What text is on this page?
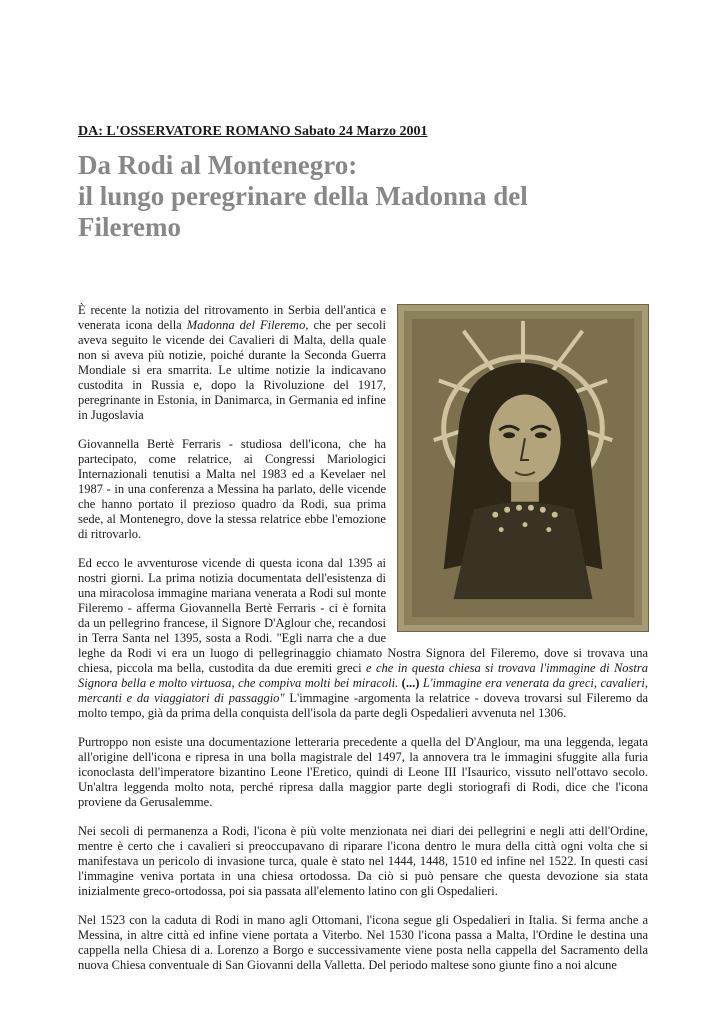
DA: L'OSSERVATORE ROMANO Sabato 24 Marzo 2001
Da Rodi al Montenegro:
il lungo peregrinare della Madonna del
Fileremo

È recente la notizia del ritrovamento in Serbia dell'antica e venerata icona della Madonna del Fileremo, che per secoli aveva seguito le vicende dei Cavalieri di Malta, della quale non si aveva più notizie, poiché durante la Seconda Guerra Mondiale si era smarrita. Le ultime notizie la indicavano custodita in Russia e, dopo la Rivoluzione del 1917, peregrinante in Estonia, in Danimarca, in Germania ed infine in Jugoslavia

Giovannella Bertè Ferraris - studiosa dell'icona, che ha partecipato, come relatrice, ai Congressi Mariologici Internazionali tenutisi a Malta nel 1983 ed a Kevelaer nel 1987 - in una conferenza a Messina ha parlato, delle vicende che hanno portato il prezioso quadro da Rodi, sua prima sede, al Montenegro, dove la stessa relatrice ebbe l'emozione di ritrovarlo.

Ed ecco le avventurose vicende di questa icona dal 1395 ai nostri giorni. La prima notizia documentata dell'esistenza di una miracolosa immagine mariana venerata a Rodi sul monte Fileremo - afferma Giovannella Bertè Ferraris - ci è fornita da un pellegrino francese, il Signore D'Aglour che, recandosi in Terra Santa nel 1395, sosta a Rodi. "Egli narra che a due leghe da Rodi vi era un luogo di pellegrinaggio chiamato Nostra Signora del Fileremo, dove si trovava una chiesa, piccola ma bella, custodita da due eremiti greci e che in questa chiesa si trovava l'immagine di Nostra Signora bella e molto virtuosa, che compiva molti bei miracoli. (...) L'immagine era venerata da greci, cavalieri, mercanti e da viaggiatori di passaggio" L'immagine -argomenta la relatrice - doveva trovarsi sul Fileremo da molto tempo, già da prima della conquista dell'isola da parte degli Ospedalieri avvenuta nel 1306.

Purtroppo non esiste una documentazione letteraria precedente a quella del D'Anglour, ma una leggenda, legata all'origine dell'icona e ripresa in una bolla magistrale del 1497, la annovera tra le immagini sfuggite alla furia iconoclasta dell'imperatore bizantino Leone l'Eretico, quindi di Leone III l'Isaurico, vissuto nell'ottavo secolo. Un'altra leggenda molto nota, perché ripresa dalla maggior parte degli storiografi di Rodi, dice che l'icona proviene da Gerusalemme.

Nei secoli di permanenza a Rodi, l'icona è più volte menzionata nei diari dei pellegrini e negli atti dell'Ordine, mentre è certo che i cavalieri si preoccupavano di riparare l'icona dentro le mura della città ogni volta che si manifestava un pericolo di invasione turca, quale è stato nel 1444, 1448, 1510 ed infine nel 1522. In questi casi l'immagine veniva portata in una chiesa ortodossa. Da ciò si può pensare che questa devozione sia stata inizialmente greco-ortodossa, poi sia passata all'elemento latino con gli Ospedalieri.

Nel 1523 con la caduta di Rodi in mano agli Ottomani, l'icona segue gli Ospedalieri in Italia. Si ferma anche a Messina, in altre città ed infine viene portata a Viterbo. Nel 1530 l'icona passa a Malta, l'Ordine le destina una cappella nella Chiesa di a. Lorenzo a Borgo e successivamente viene posta nella cappella del Sacramento della nuova Chiesa conventuale di San Giovanni della Valletta. Del periodo maltese sono giunte fino a noi alcune
